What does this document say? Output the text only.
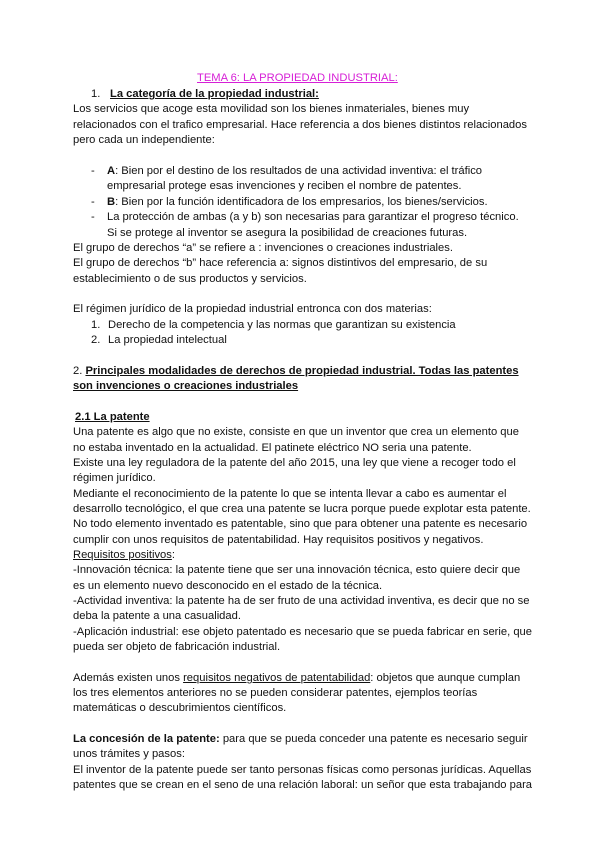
TEMA 6: LA PROPIEDAD INDUSTRIAL:
1. La categoría de la propiedad industrial:
Los servicios que acoge esta movilidad son los bienes inmateriales, bienes muy
relacionados con el trafico empresarial. Hace referencia a dos bienes distintos relacionados
pero cada un independiente:
- A: Bien por el destino de los resultados de una actividad inventiva: el tráfico
empresarial protege esas invenciones y reciben el nombre de patentes.
- B: Bien por la función identificadora de los empresarios, los bienes/servicios.
- La protección de ambas (a y b) son necesarias para garantizar el progreso técnico.
Si se protege al inventor se asegura la posibilidad de creaciones futuras.
El grupo de derechos “a” se refiere a : invenciones o creaciones industriales.
El grupo de derechos “b” hace referencia a: signos distintivos del empresario, de su
establecimiento o de sus productos y servicios.
El régimen jurídico de la propiedad industrial entronca con dos materias:
1. Derecho de la competencia y las normas que garantizan su existencia
2. La propiedad intelectual
2. Principales modalidades de derechos de propiedad industrial. Todas las patentes
son invenciones o creaciones industriales
2.1 La patente
Una patente es algo que no existe, consiste en que un inventor que crea un elemento que
no estaba inventado en la actualidad. El patinete eléctrico NO seria una patente.
Existe una ley reguladora de la patente del año 2015, una ley que viene a recoger todo el
régimen jurídico.
Mediante el reconocimiento de la patente lo que se intenta llevar a cabo es aumentar el
desarrollo tecnológico, el que crea una patente se lucra porque puede explotar esta patente.
No todo elemento inventado es patentable, sino que para obtener una patente es necesario
cumplir con unos requisitos de patentabilidad. Hay requisitos positivos y negativos.
Requisitos positivos:
-Innovación técnica: la patente tiene que ser una innovación técnica, esto quiere decir que
es un elemento nuevo desconocido en el estado de la técnica.
-Actividad inventiva: la patente ha de ser fruto de una actividad inventiva, es decir que no se
deba la patente a una casualidad.
-Aplicación industrial: ese objeto patentado es necesario que se pueda fabricar en serie, que
pueda ser objeto de fabricación industrial.
Además existen unos requisitos negativos de patentabilidad: objetos que aunque cumplan
los tres elementos anteriores no se pueden considerar patentes, ejemplos teorías
matemáticas o descubrimientos científicos.
La concesión de la patente: para que se pueda conceder una patente es necesario seguir
unos trámites y pasos:
El inventor de la patente puede ser tanto personas físicas como personas jurídicas. Aquellas
patentes que se crean en el seno de una relación laboral: un señor que esta trabajando para
